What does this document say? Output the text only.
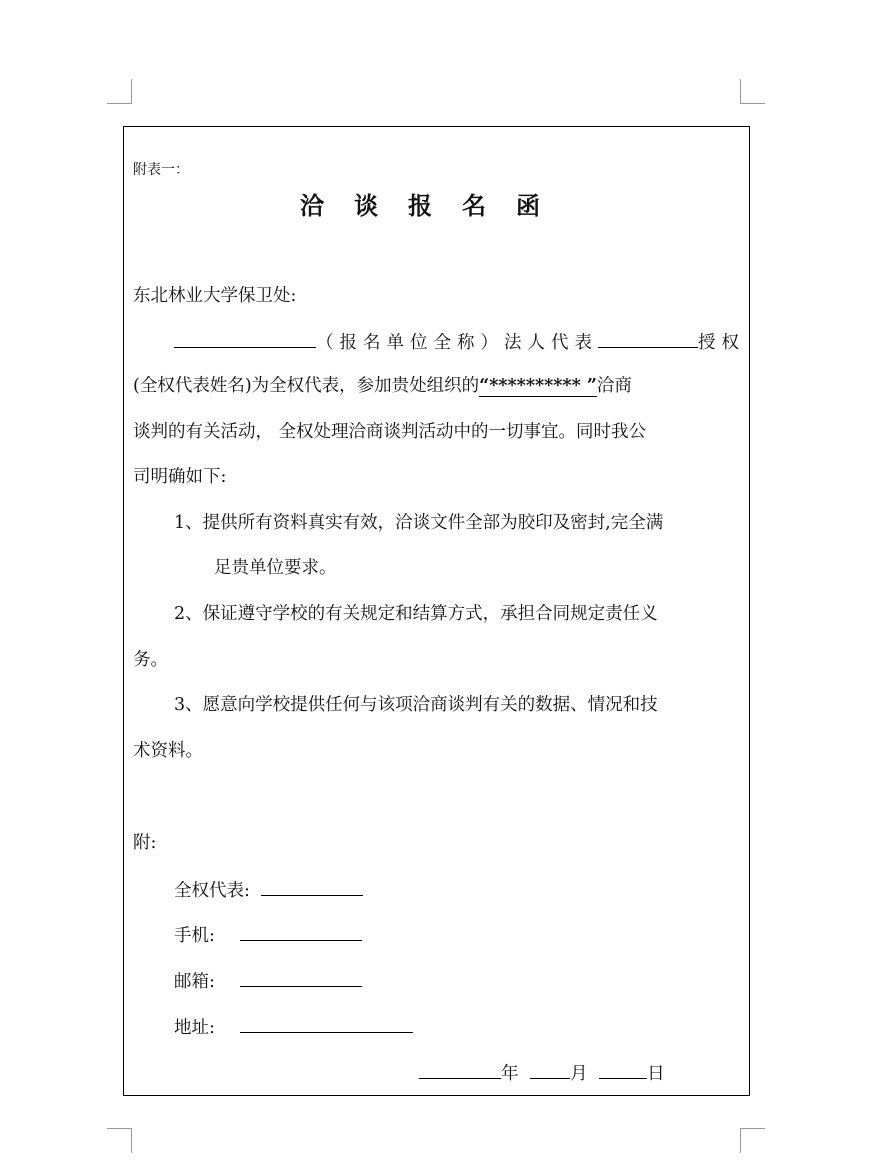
附表一：
洽谈报名函
东北林业大学保卫处:
（报名单位全称）法人代表	授权
(全权代表姓名)为全权代表，参加贵处组织的“********** ”洽商
谈判的有关活动， 全权处理洽商谈判活动中的一切事宜。同时我公
司明确如下:
1、提供所有资料真实有效，洽谈文件全部为胶印及密封,完全满
足贵单位要求。
2、保证遵守学校的有关规定和结算方式，承担合同规定责任义
务。
3、愿意向学校提供任何与该项洽商谈判有关的数据、情况和技
术资料。
附:
全权代表:
手机:
邮箱:
地址:
年	月	日
